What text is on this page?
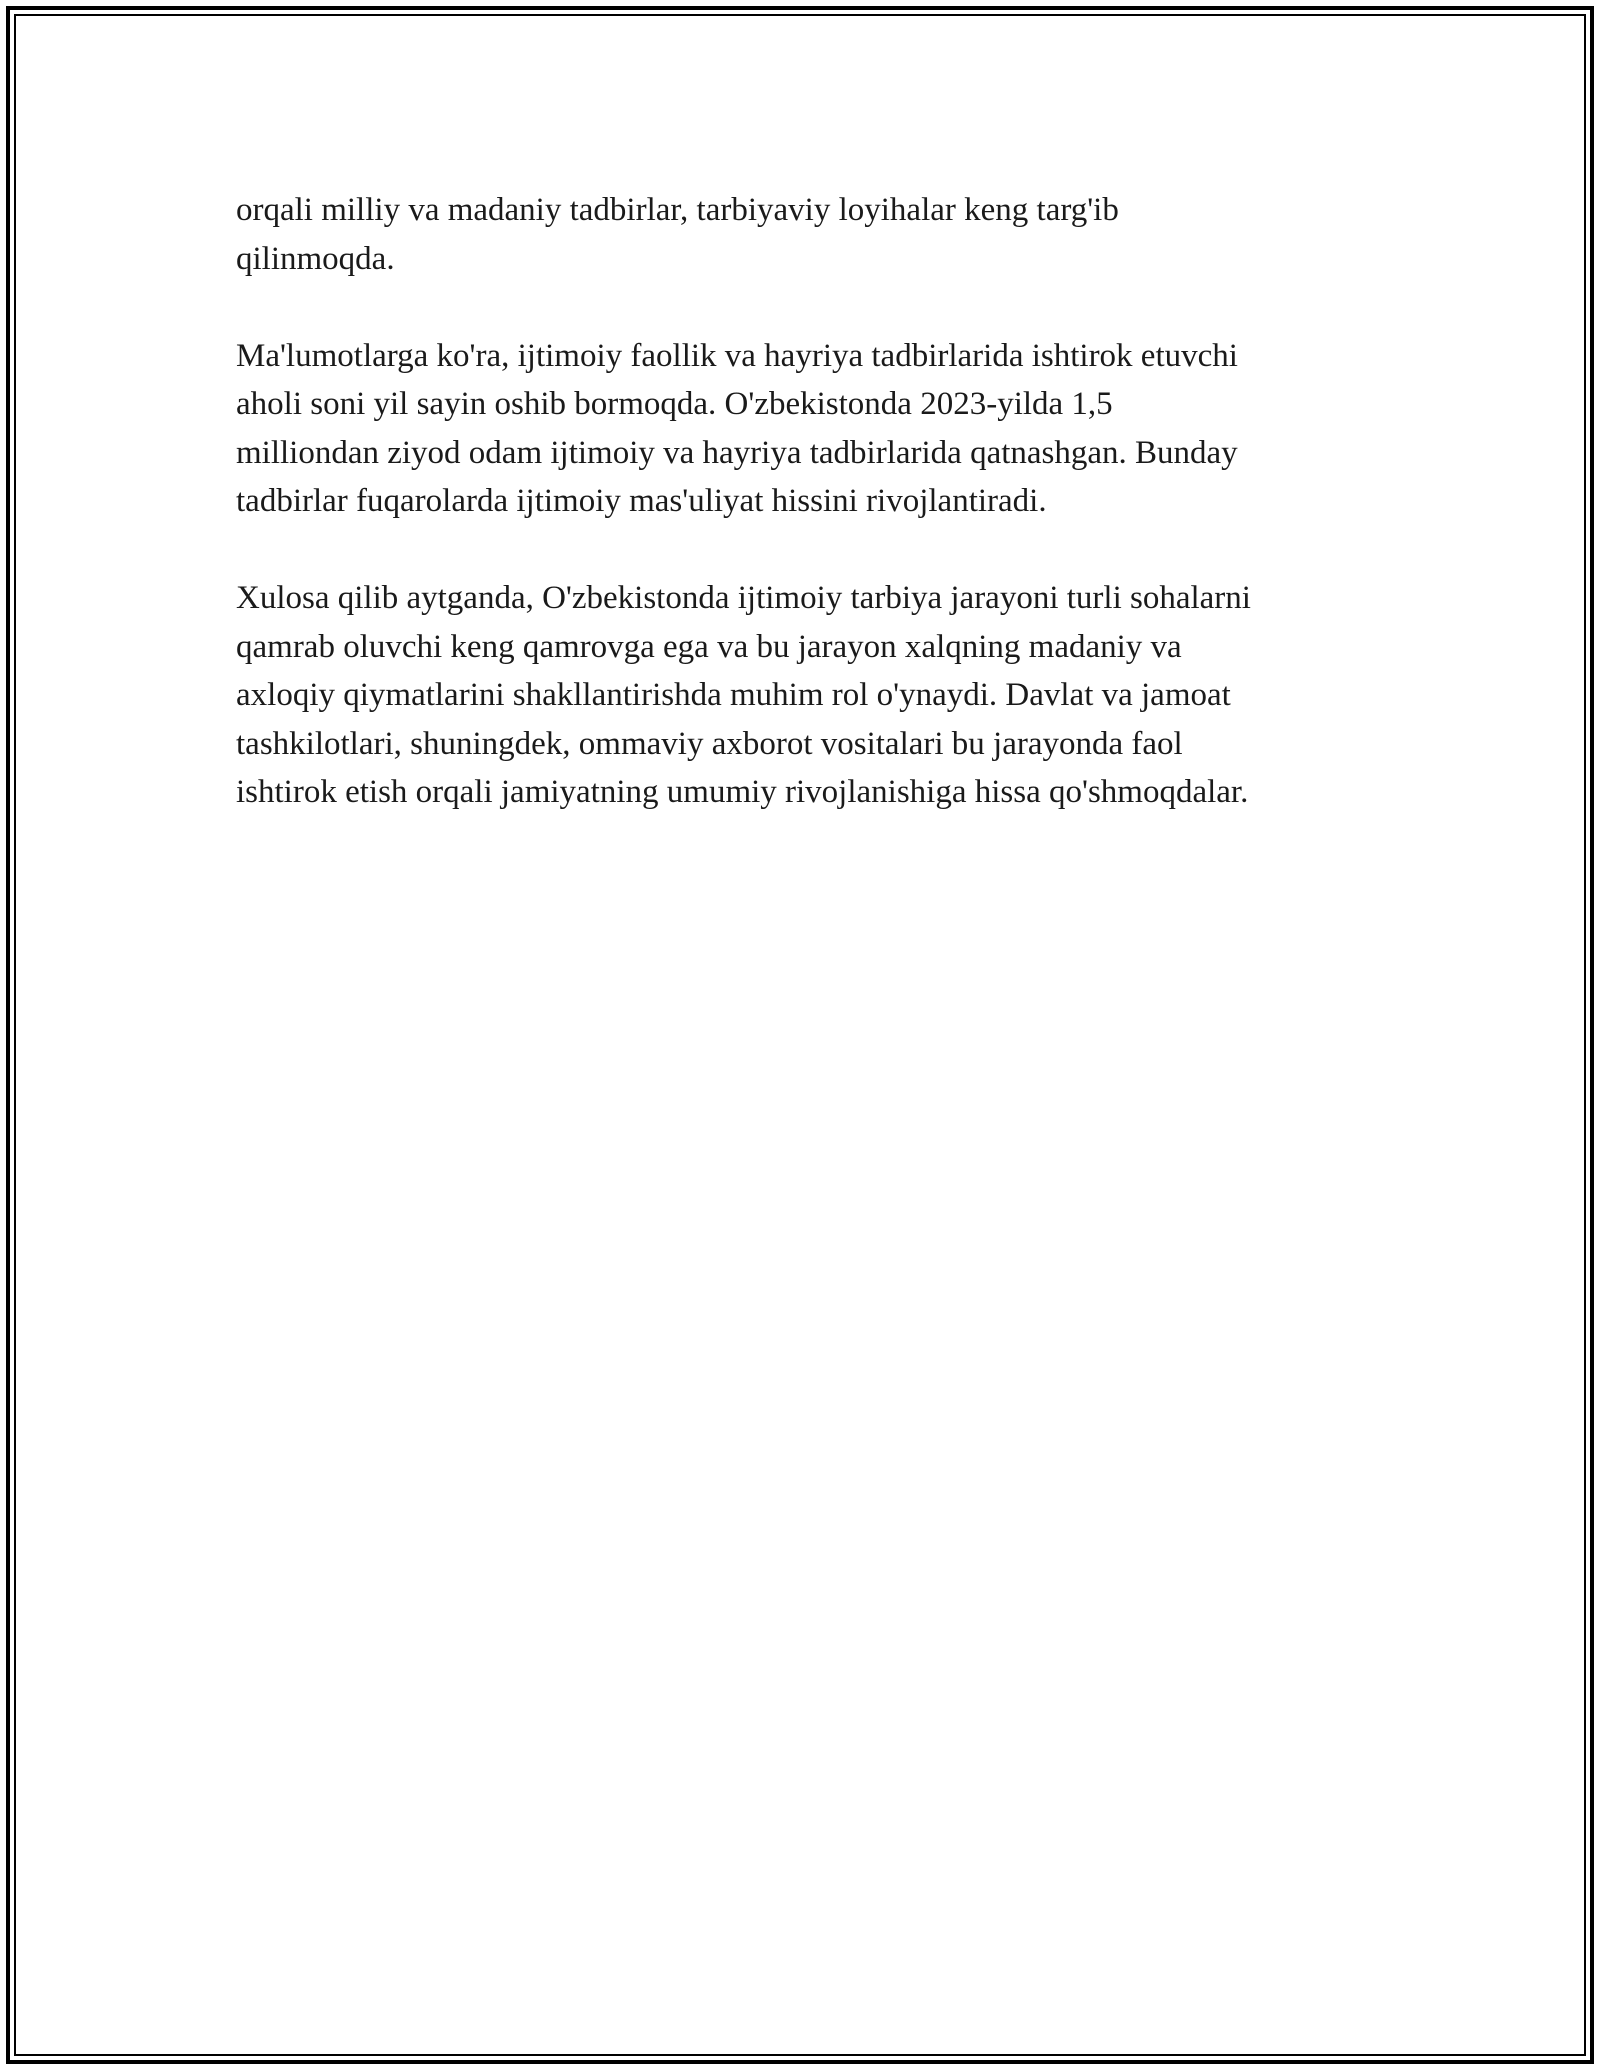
orqali milliy va madaniy tadbirlar, tarbiyaviy loyihalar keng targ'ib
qilinmoqda.

Ma'lumotlarga ko'ra, ijtimoiy faollik va hayriya tadbirlarida ishtirok etuvchi
aholi soni yil sayin oshib bormoqda. O'zbekistonda 2023-yilda 1,5
milliondan ziyod odam ijtimoiy va hayriya tadbirlarida qatnashgan. Bunday
tadbirlar fuqarolarda ijtimoiy mas'uliyat hissini rivojlantiradi.

Xulosa qilib aytganda, O'zbekistonda ijtimoiy tarbiya jarayoni turli sohalarni
qamrab oluvchi keng qamrovga ega va bu jarayon xalqning madaniy va
axloqiy qiymatlarini shakllantirishda muhim rol o'ynaydi. Davlat va jamoat
tashkilotlari, shuningdek, ommaviy axborot vositalari bu jarayonda faol
ishtirok etish orqali jamiyatning umumiy rivojlanishiga hissa qo'shmoqdalar.
